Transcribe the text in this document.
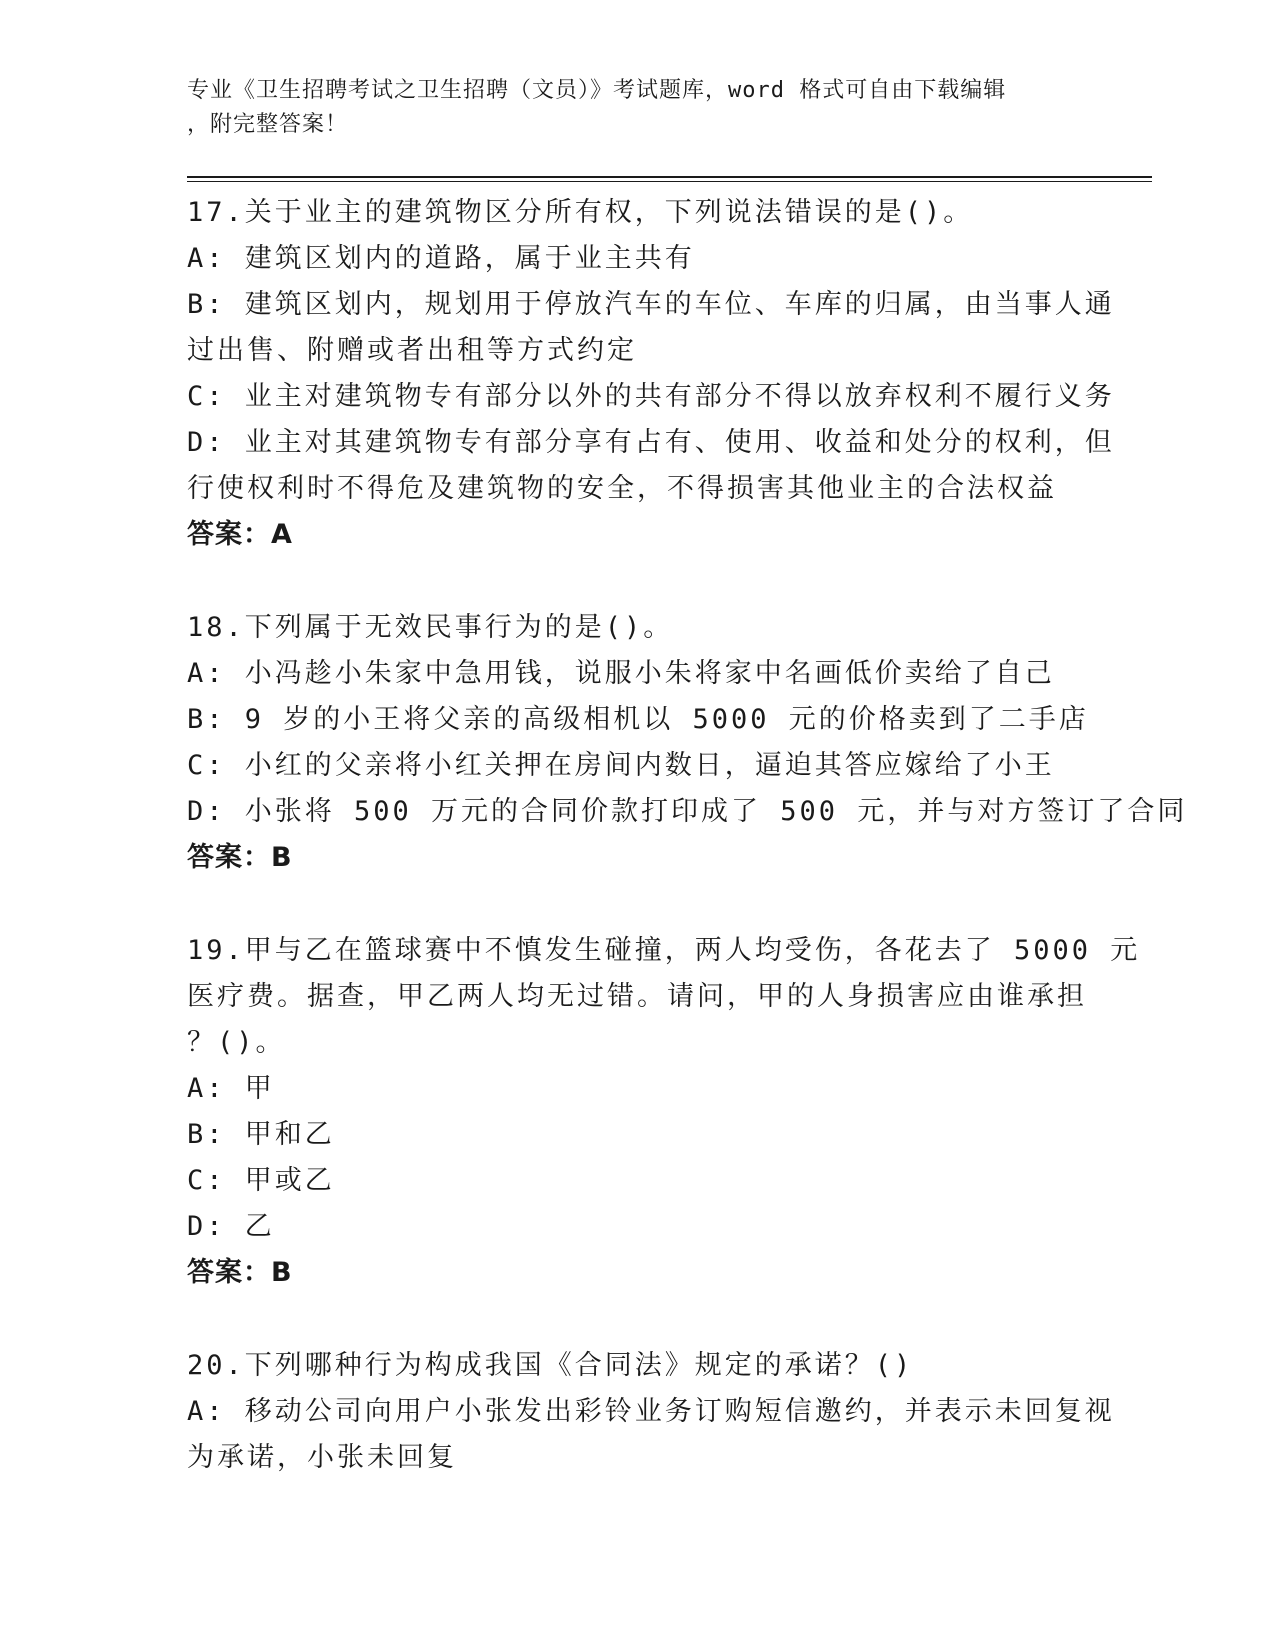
专业《卫生招聘考试之卫生招聘（文员）》考试题库，word 格式可自由下载编辑
，附完整答案！
17.关于业主的建筑物区分所有权，下列说法错误的是()。
A: 建筑区划内的道路，属于业主共有
B: 建筑区划内，规划用于停放汽车的车位、车库的归属，由当事人通
过出售、附赠或者出租等方式约定
C: 业主对建筑物专有部分以外的共有部分不得以放弃权利不履行义务
D: 业主对其建筑物专有部分享有占有、使用、收益和处分的权利，但
行使权利时不得危及建筑物的安全，不得损害其他业主的合法权益
答案：A
18.下列属于无效民事行为的是()。
A: 小冯趁小朱家中急用钱，说服小朱将家中名画低价卖给了自己
B: 9 岁的小王将父亲的高级相机以 5000 元的价格卖到了二手店
C: 小红的父亲将小红关押在房间内数日，逼迫其答应嫁给了小王
D: 小张将 500 万元的合同价款打印成了 500 元，并与对方签订了合同
答案：B
19.甲与乙在篮球赛中不慎发生碰撞，两人均受伤，各花去了 5000 元
医疗费。据查，甲乙两人均无过错。请问，甲的人身损害应由谁承担
？()。
A: 甲
B: 甲和乙
C: 甲或乙
D: 乙
答案：B
20.下列哪种行为构成我国《合同法》规定的承诺？()
A: 移动公司向用户小张发出彩铃业务订购短信邀约，并表示未回复视
为承诺，小张未回复
